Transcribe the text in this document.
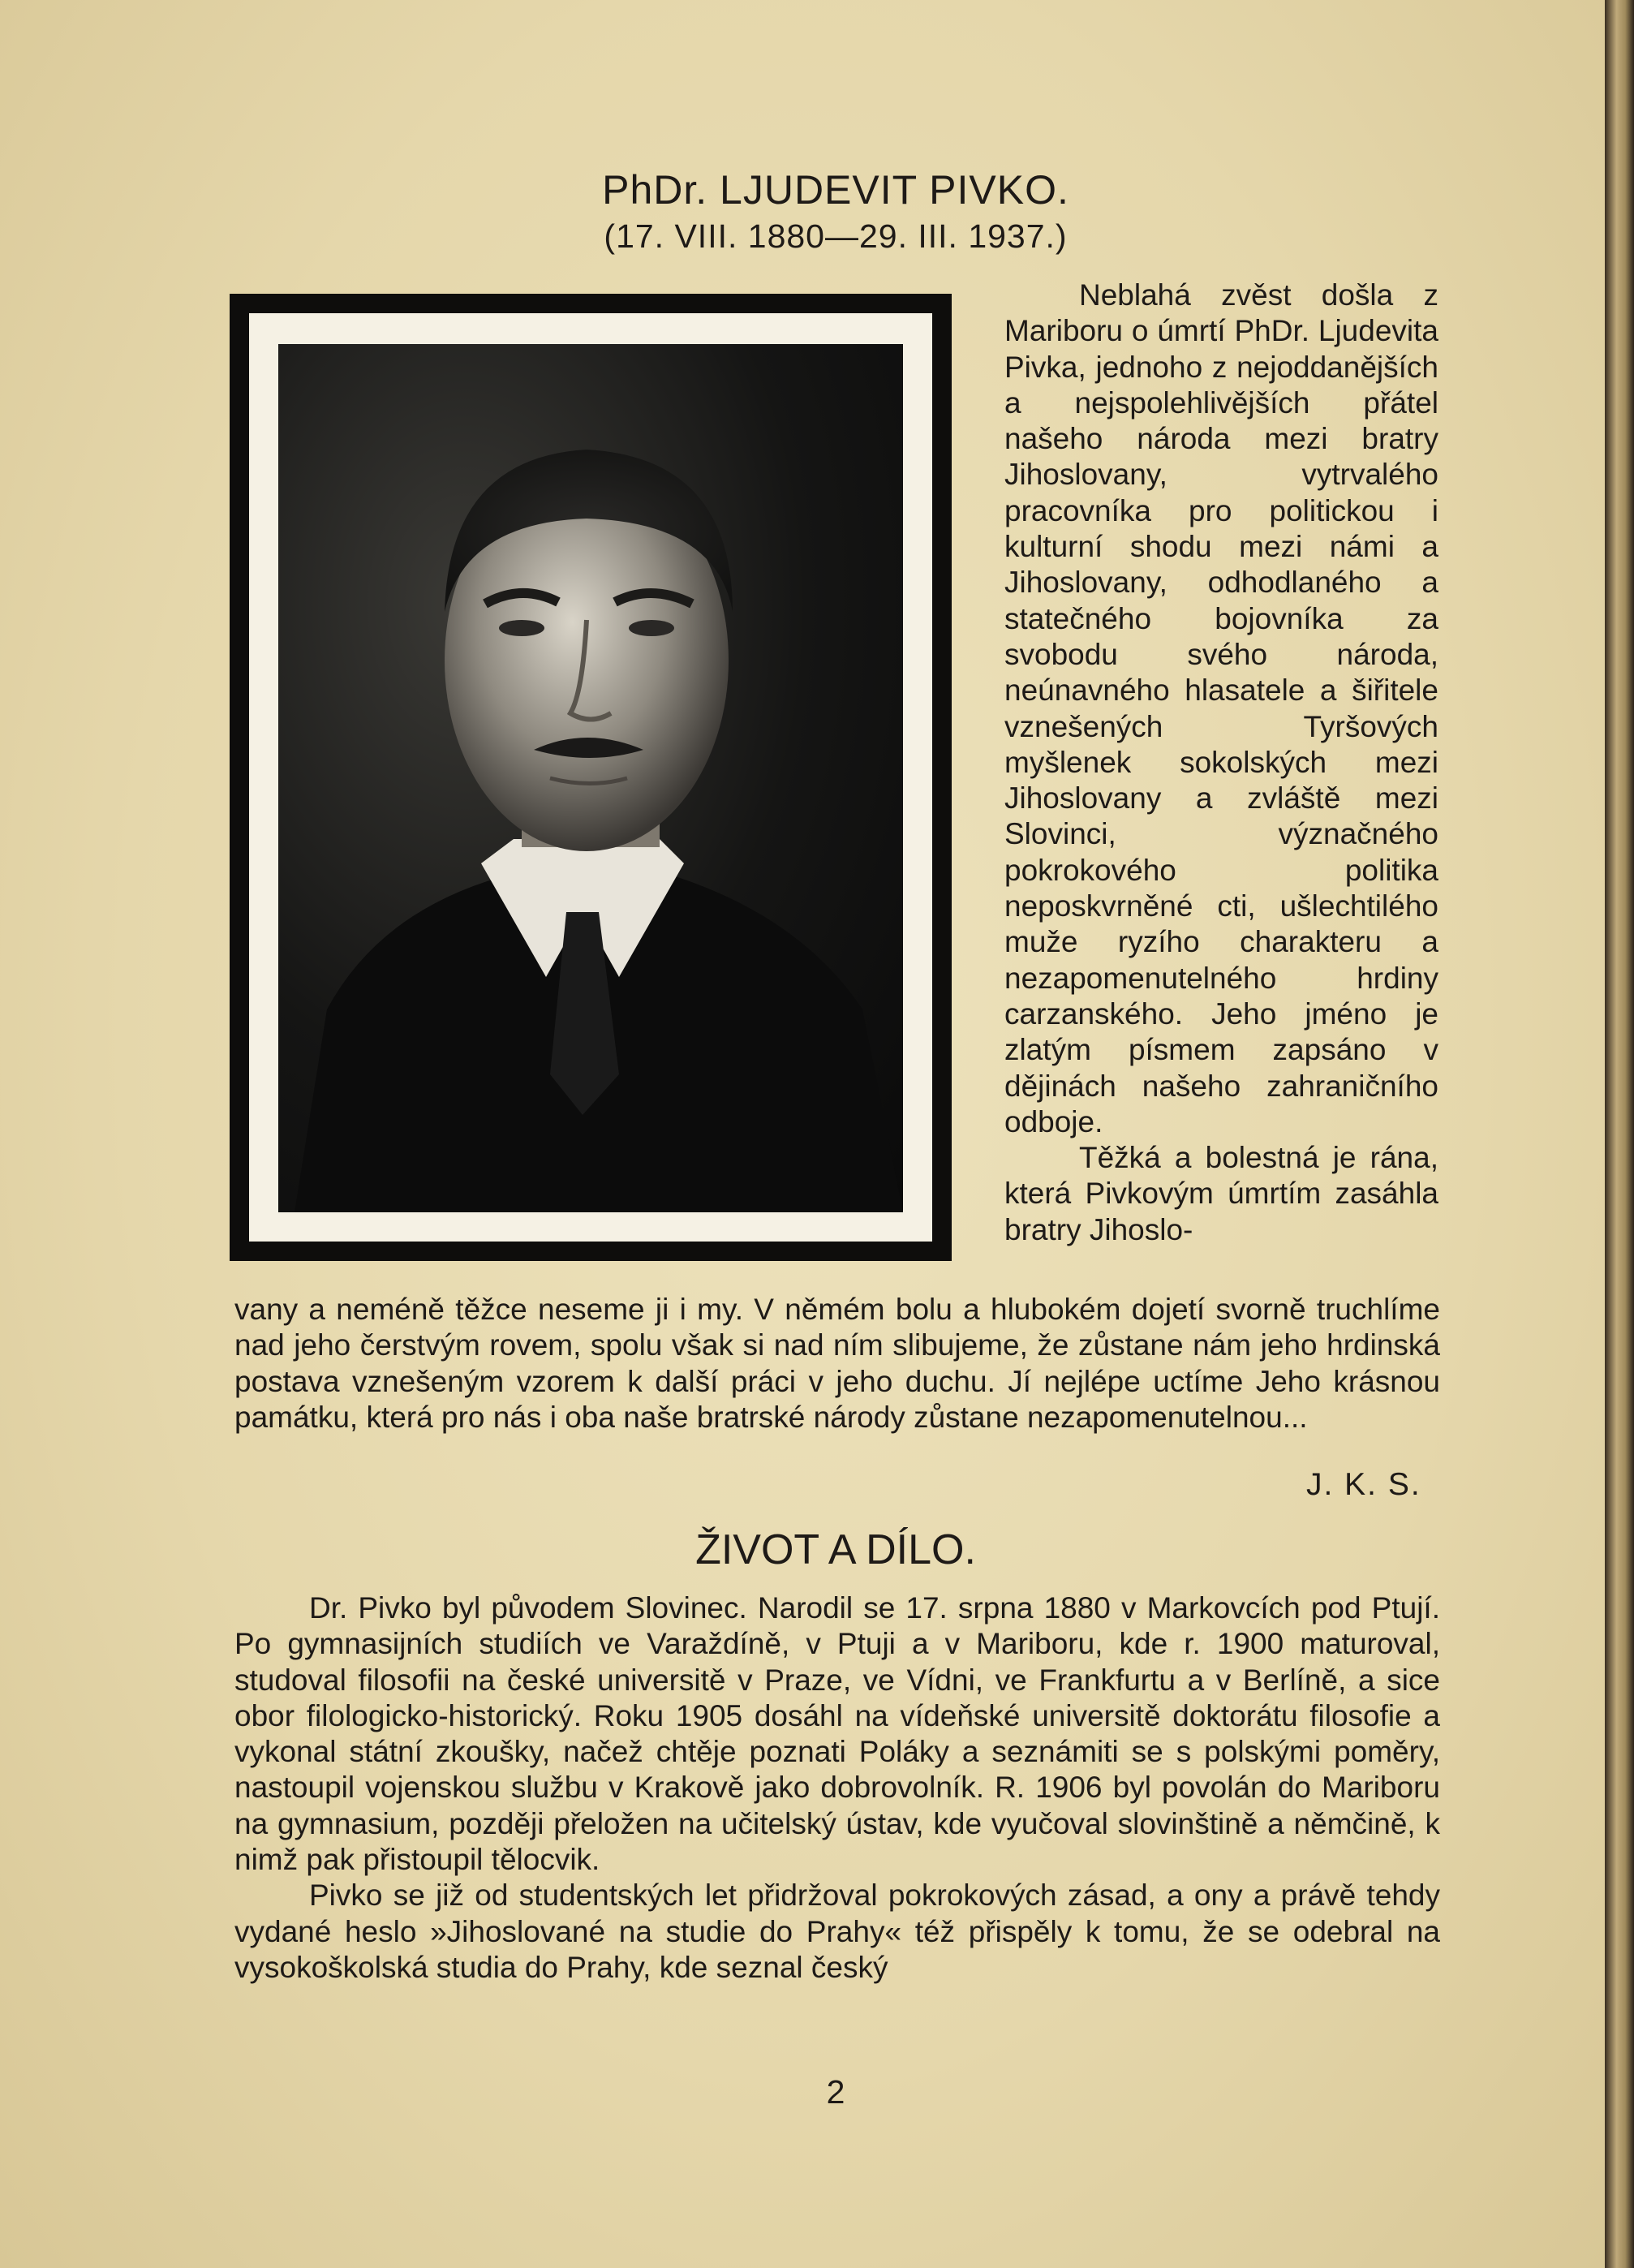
PhDr. LJUDEVIT PIVKO.
(17. VIII. 1880—29. III. 1937.)

Neblahá zvěst došla z Mariboru o úmrtí PhDr. Ljudevita Pivka, jednoho z nejoddanějších a nejspolehlivějších přátel našeho národa mezi bratry Jihoslovany, vytrvalého pracovníka pro politickou i kulturní shodu mezi námi a Jihoslovany, odhodlaného a statečného bojovníka za svobodu svého národa, neúnavného hlasatele a šiřitele vznešených Tyršových myšlenek sokolských mezi Jihoslovany a zvláště mezi Slovinci, význačného pokrokového politika neposkvrněné cti, ušlechtilého muže ryzího charakteru a nezapomenutelného hrdiny carzanského. Jeho jméno je zlatým písmem zapsáno v dějinách našeho zahraničního odboje.

Těžká a bolestná je rána, která Pivkovým úmrtím zasáhla bratry Jihoslo-

vany a neméně těžce neseme ji i my. V němém bolu a hlubokém dojetí svorně truchlíme nad jeho čerstvým rovem, spolu však si nad ním slibujeme, že zůstane nám jeho hrdinská postava vznešeným vzorem k další práci v jeho duchu. Jí nejlépe uctíme Jeho krásnou památku, která pro nás i oba naše bratrské národy zůstane nezapomenutelnou...

J. K. S.
ŽIVOT A DÍLO.

Dr. Pivko byl původem Slovinec. Narodil se 17. srpna 1880 v Markovcích pod Ptují. Po gymnasijních studiích ve Varaždíně, v Ptuji a v Mariboru, kde r. 1900 maturoval, studoval filosofii na české universitě v Praze, ve Vídni, ve Frankfurtu a v Berlíně, a sice obor filologicko-historický. Roku 1905 dosáhl na vídeňské universitě doktorátu filosofie a vykonal státní zkoušky, načež chtěje poznati Poláky a seznámiti se s polskými poměry, nastoupil vojenskou službu v Krakově jako dobrovolník. R. 1906 byl povolán do Mariboru na gymnasium, později přeložen na učitelský ústav, kde vyučoval slovinštině a němčině, k nimž pak přistoupil tělocvik.

Pivko se již od studentských let přidržoval pokrokových zásad, a ony a právě tehdy vydané heslo »Jihoslované na studie do Prahy« též přispěly k tomu, že se odebral na vysokoškolská studia do Prahy, kde seznal český

2
